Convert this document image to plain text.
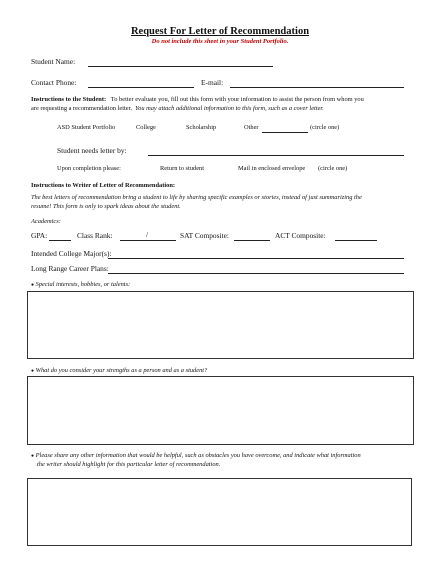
Request For Letter of Recommendation
Do not include this sheet in your Student Portfolio.
Student Name:
Contact Phone:	E-mail:
Instructions to the Student: To better evaluate you, fill out this form with your information to assist the person from whom you
are requesting a recommendation letter. You may attach additional information to this form, such as a cover letter.
ASD Student Portfolio	College	Scholarship	Other	(circle one)
Student needs letter by:
Upon completion please:	Return to student	Mail in enclosed envelope (circle one)
Instructions to Writer of Letter of Recommendation:
The best letters of recommendation bring a student to life by sharing specific examples or stories, instead of just summarizing the
resume! This form is only to spark ideas about the student.
Academics:
GPA:	Class Rank:	/	SAT Composite:	ACT Composite:
Intended College Major(s):
Long Range Career Plans:
● Special interests, hobbies, or talents:
● What do you consider your strengths as a person and as a student?
● Please share any other information that would be helpful, such as obstacles you have overcome, and indicate what information
the writer should highlight for this particular letter of recommendation.
